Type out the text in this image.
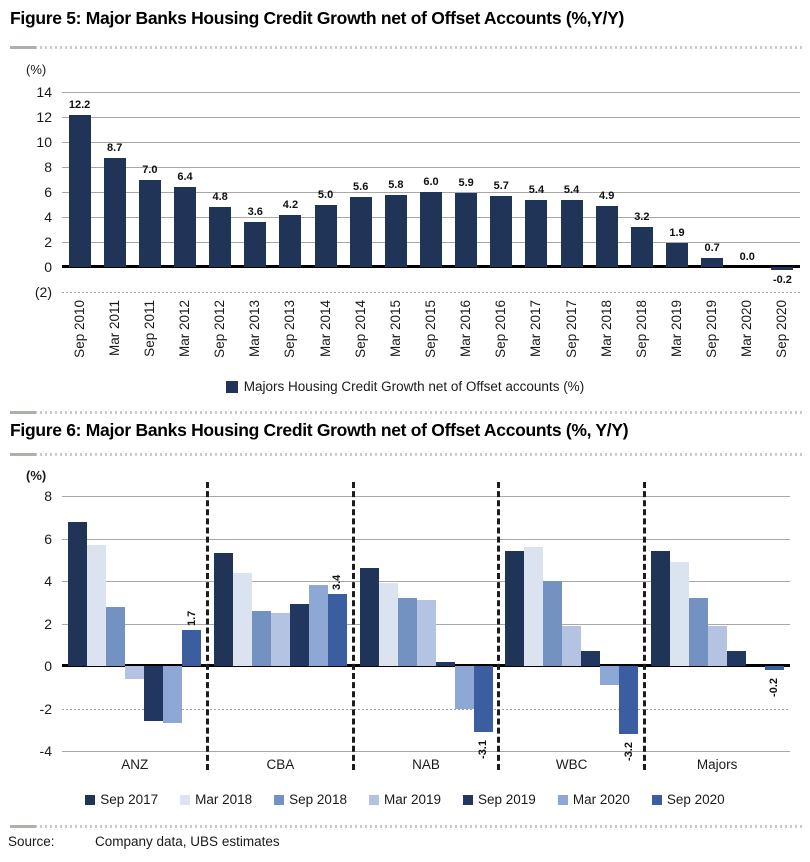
Figure 5: Major Banks Housing Credit Growth net of Offset Accounts (%,Y/Y)
(%)
14
12
10
8
6
4
2
0
(2)
12.2
Sep 2010
8.7
Mar 2011
7.0
Sep 2011
6.4
Mar 2012
4.8
Sep 2012
3.6
Mar 2013
4.2
Sep 2013
5.0
Mar 2014
5.6
Sep 2014
5.8
Mar 2015
6.0
Sep 2015
5.9
Mar 2016
5.7
Sep 2016
5.4
Mar 2017
5.4
Sep 2017
4.9
Mar 2018
3.2
Sep 2018
1.9
Mar 2019
0.7
Sep 2019
0.0
Mar 2020
-0.2
Sep 2020
Majors Housing Credit Growth net of Offset accounts (%)
Figure 6: Major Banks Housing Credit Growth net of Offset Accounts (%, Y/Y)
(%)
8
6
4
2
0
-2
-4
1.7
ANZ
3.4
CBA
-3.1
NAB
-3.2
WBC
-0.2
Majors
Sep 2017	Mar 2018	Sep 2018	Mar 2019	Sep 2019	Mar 2020	Sep 2020
Source:	Company data, UBS estimates
